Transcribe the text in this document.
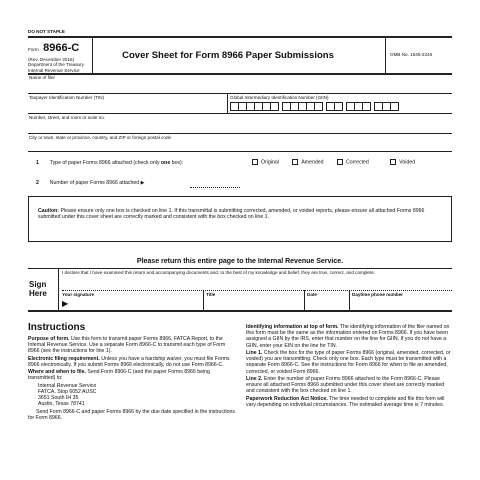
DO NOT STAPLE
Form 8966-C
(Rev. December 2016)
Department of the Treasury
Internal Revenue Service
Cover Sheet for Form 8966 Paper Submissions	OMB No. 1545-2246
Name of filer
Taxpayer Identification Number (TIN)	Global Intermediary Identification Number (GIIN)
Number, street, and room or suite no.
City or town, state or province, country, and ZIP or foreign postal code
1 Type of paper Forms 8966 attached (check only one box):	Original	Amended	Corrected	Voided
2 Number of paper Forms 8966 attached ▶
Caution: Please ensure only one box is checked on line 1. If this transmittal is submitting corrected, amended, or voided reports, please ensure all attached Forms 8966 submitted under this cover sheet are correctly marked and consistent with the box checked on line 1.
Please return this entire page to the Internal Revenue Service.
Sign
Here
I declare that I have examined this return and accompanying documents and, to the best of my knowledge and belief, they are true, correct, and complete.
Your signature
▶
Title	Date	Daytime phone number
Instructions

Purpose of form. Use this form to transmit paper Forms 8966, FATCA Report, to the Internal Revenue Service. Use a separate Form 8966-C to transmit each type of Form 8966 (see the instructions for line 1).

Electronic filing requirement. Unless you have a hardship waiver, you must file Forms 8966 electronically. If you submit Forms 8966 electronically, do not use Form 8966-C.

Where and when to file. Send Form 8966-C (and the paper Forms 8966 being transmitted) to:

Internal Revenue Service
FATCA, Stop 6052 AUSC
3651 South IH 35
Austin, Texas 78741

Send Form 8966-C and paper Forms 8966 by the due date specified in the instructions for Form 8966.

Identifying information at top of form. The identifying information of the filer named on this form must be the same as the information entered on Forms 8966. If you have been assigned a GIIN by the IRS, enter that number on the line for GIIN. If you do not have a GIIN, enter your EIN on the line for TIN.

Line 1. Check the box for the type of paper Forms 8966 (original, amended, corrected, or voided) you are transmitting. Check only one box. Each type must be transmitted with a separate Form 8966-C. See the instructions for Form 8966 for when to file an amended, corrected, or voided Form 8966.

Line 2. Enter the number of paper Forms 8966 attached to the Form 8966-C. Please ensure all attached Forms 8966 submitted under this cover sheet are correctly marked and consistent with the box checked on line 1.

Paperwork Reduction Act Notice. The time needed to complete and file this form will vary depending on individual circumstances. The estimated average time is 7 minutes.
